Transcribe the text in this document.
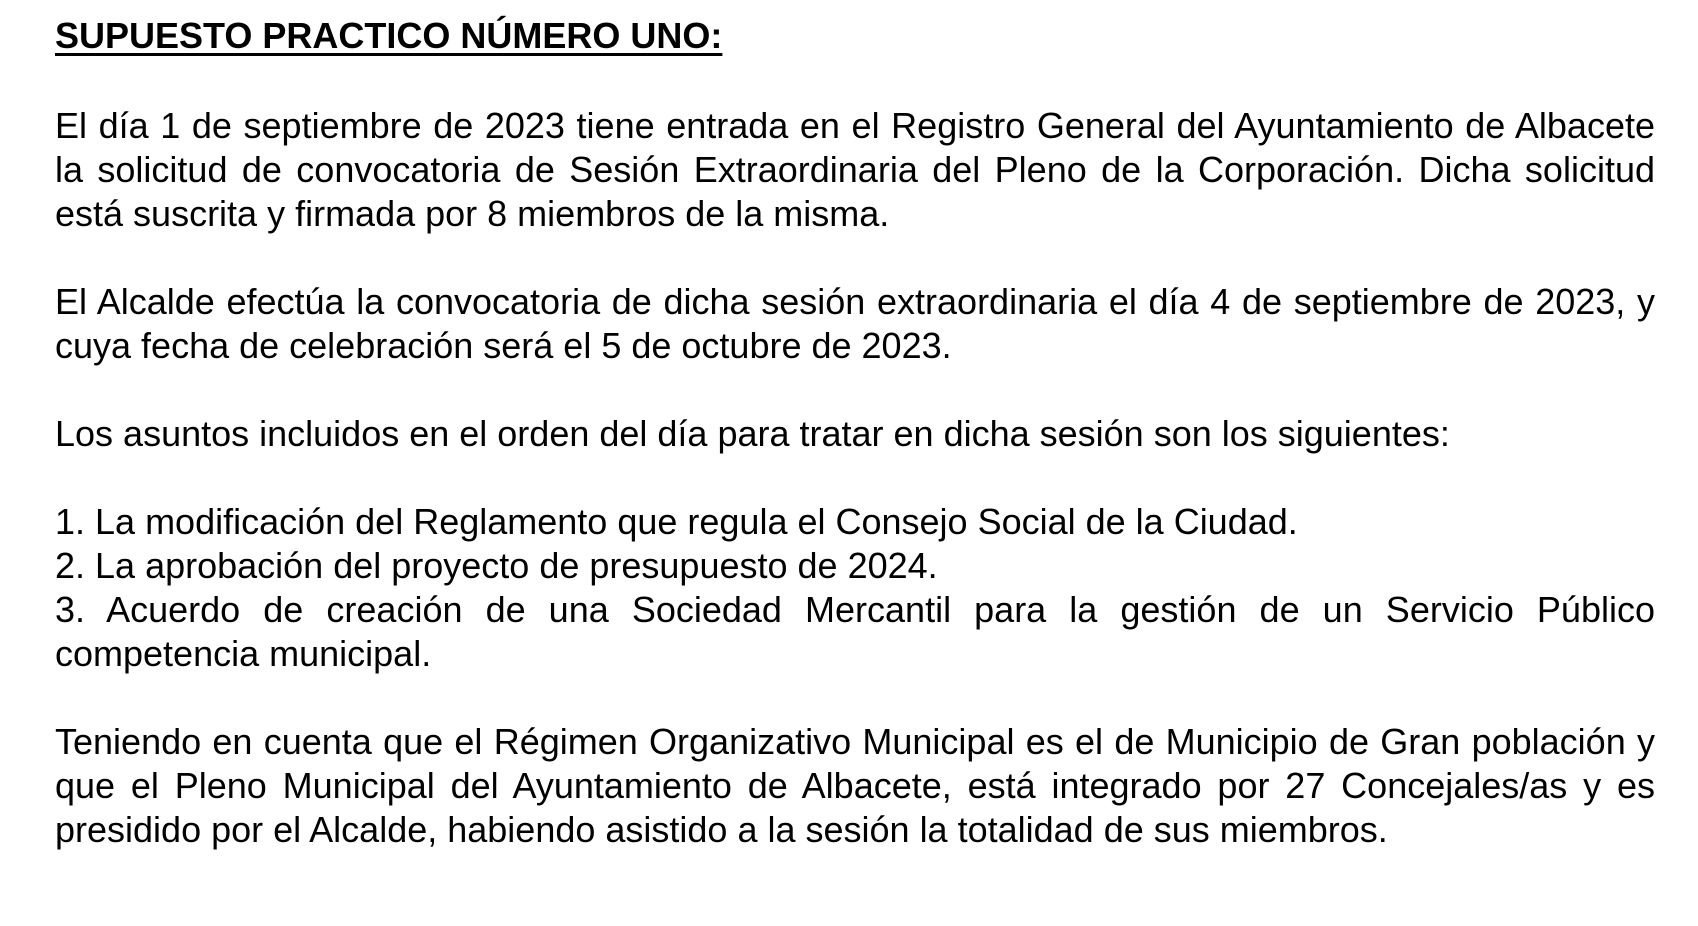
SUPUESTO PRACTICO NÚMERO UNO:

El día 1 de septiembre de 2023 tiene entrada en el Registro General del Ayuntamiento de Albacete la solicitud de convocatoria de Sesión Extraordinaria del Pleno de la Corporación. Dicha solicitud está suscrita y firmada por 8 miembros de la misma.

El Alcalde efectúa la convocatoria de dicha sesión extraordinaria el día 4 de septiembre de 2023, y cuya fecha de celebración será el 5 de octubre de 2023.

Los asuntos incluidos en el orden del día para tratar en dicha sesión son los siguientes:

1. La modificación del Reglamento que regula el Consejo Social de la Ciudad.

2. La aprobación del proyecto de presupuesto de 2024.

3. Acuerdo de creación de una Sociedad Mercantil para la gestión de un Servicio Público competencia municipal.

Teniendo en cuenta que el Régimen Organizativo Municipal es el de Municipio de Gran población y que el Pleno Municipal del Ayuntamiento de Albacete, está integrado por 27 Concejales/as y es presidido por el Alcalde, habiendo asistido a la sesión la totalidad de sus miembros.
